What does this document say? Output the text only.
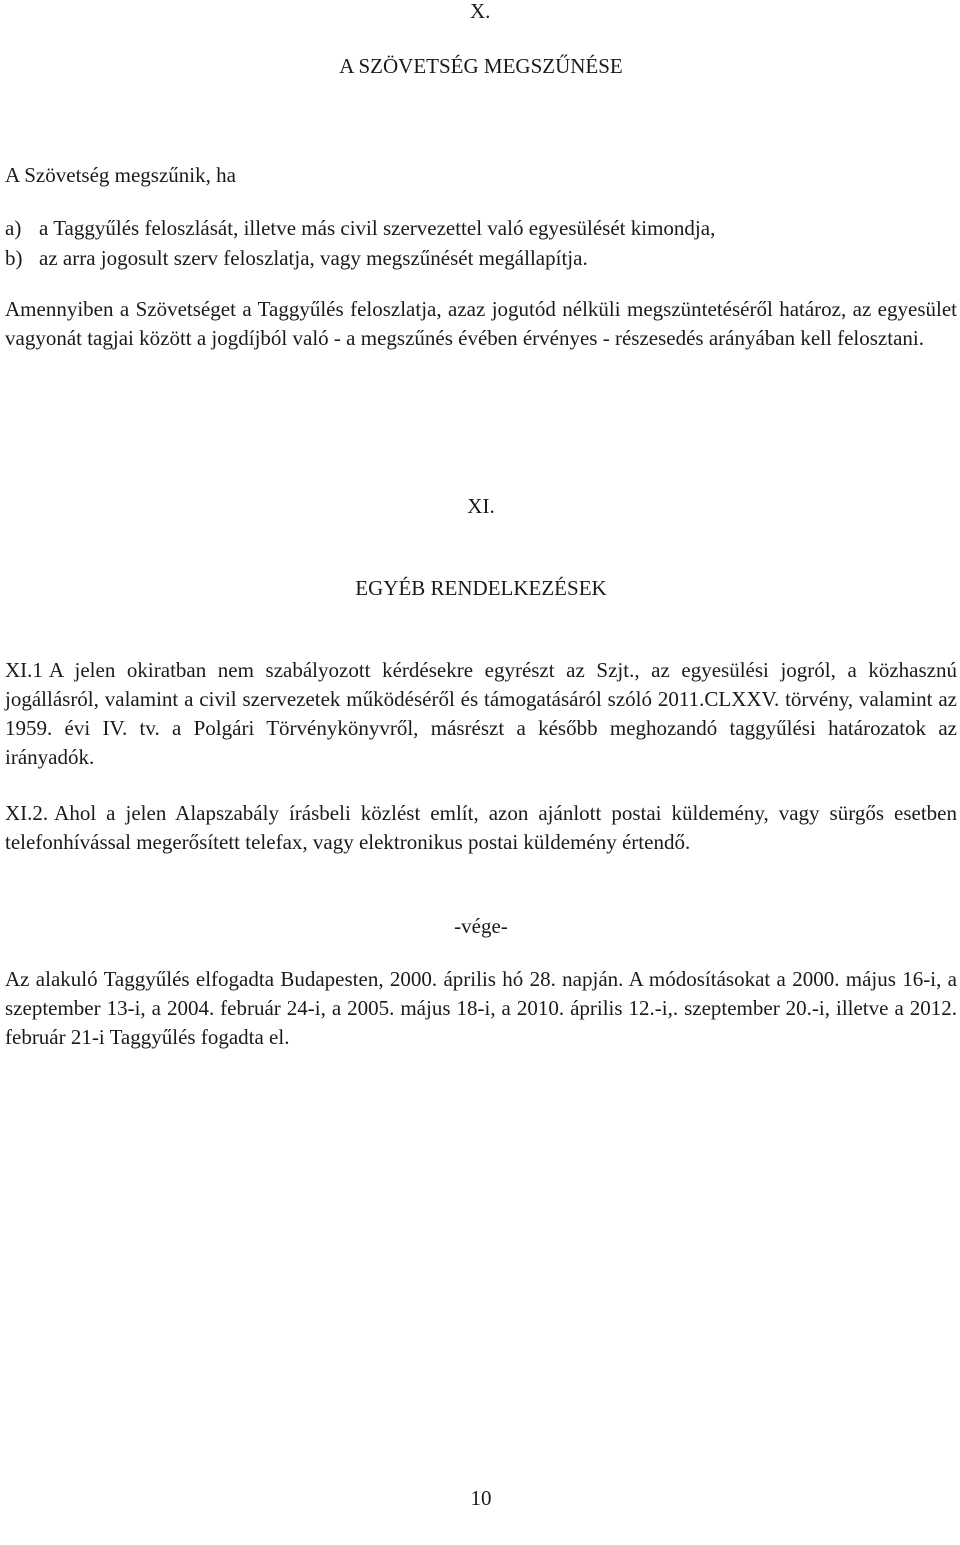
X.

A SZÖVETSÉG MEGSZŰNÉSE

A Szövetség megszűnik, ha

a) a Taggyűlés feloszlását, illetve más civil szervezettel való egyesülését kimondja,

b) az arra jogosult szerv feloszlatja, vagy megszűnését megállapítja.

Amennyiben a Szövetséget a Taggyűlés feloszlatja, azaz jogutód nélküli megszüntetéséről határoz, az egyesület vagyonát tagjai között a jogdíjból való - a megszűnés évében érvényes - részesedés arányában kell felosztani.

XI.

EGYÉB RENDELKEZÉSEK

XI.1 A jelen okiratban nem szabályozott kérdésekre egyrészt az Szjt., az egyesülési jogról, a közhasznú jogállásról, valamint a civil szervezetek működéséről és támogatásáról szóló 2011.CLXXV. törvény, valamint az 1959. évi IV. tv. a Polgári Törvénykönyvről, másrészt a később meghozandó taggyűlési határozatok az irányadók.

XI.2. Ahol a jelen Alapszabály írásbeli közlést említ, azon ajánlott postai küldemény, vagy sürgős esetben telefonhívással megerősített telefax, vagy elektronikus postai küldemény értendő.

-vége-

Az alakuló Taggyűlés elfogadta Budapesten, 2000. április hó 28. napján. A módosításokat a 2000. május 16-i, a szeptember 13-i, a 2004. február 24-i, a 2005. május 18-i, a 2010. április 12.-i,. szeptember 20.-i, illetve a 2012. február 21-i Taggyűlés fogadta el.

10
